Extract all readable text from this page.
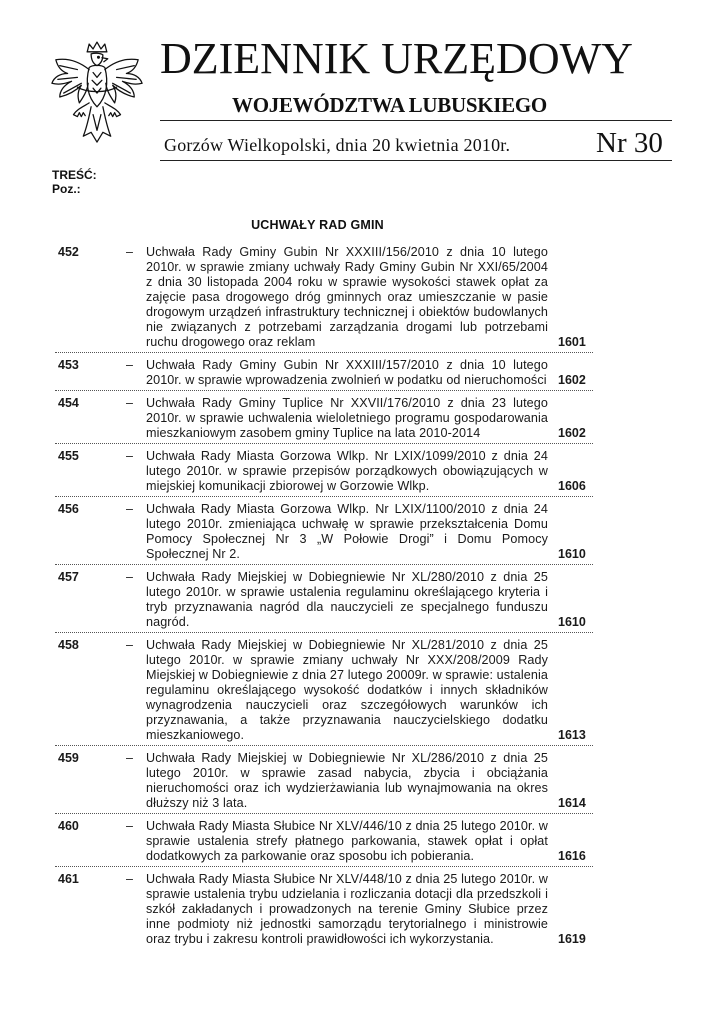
DZIENNIK URZĘDOWY
WOJEWÓDZTWA LUBUSKIEGO
Gorzów Wielkopolski, dnia 20 kwietnia 2010r.	Nr 30
TREŚĆ:
Poz.:
UCHWAŁY RAD GMIN
452	– Uchwała Rady Gminy Gubin Nr XXXIII/156/2010 z dnia 10 lutego 2010r. w sprawie zmiany uchwały Rady Gminy Gubin Nr XXI/65/2004 z dnia 30 listopada 2004 roku w sprawie wysokości stawek opłat za zajęcie pasa drogowego dróg gminnych oraz umieszczanie w pasie drogowym urządzeń infrastruktury technicznej i obiektów budowlanych nie związanych z potrzebami zarządzania drogami lub potrzebami ruchu drogowego oraz reklam	1601
453	– Uchwała Rady Gminy Gubin Nr XXXIII/157/2010 z dnia 10 lutego 2010r. w sprawie wprowadzenia zwolnień w podatku od nieruchomości 1602
454	– Uchwała Rady Gminy Tuplice Nr XXVII/176/2010 z dnia 23 lutego 2010r. w sprawie uchwalenia wieloletniego programu gospodarowania mieszkaniowym zasobem gminy Tuplice na lata 2010-2014	1602
455	– Uchwała Rady Miasta Gorzowa Wlkp. Nr LXIX/1099/2010 z dnia 24 lutego 2010r. w sprawie przepisów porządkowych obowiązujących w miejskiej komunikacji zbiorowej w Gorzowie Wlkp.	1606
456	– Uchwała Rady Miasta Gorzowa Wlkp. Nr LXIX/1100/2010 z dnia 24 lutego 2010r. zmieniająca uchwałę w sprawie przekształcenia Domu Pomocy Społecznej Nr 3 „W Połowie Drogi” i Domu Pomocy Społecznej Nr 2.	1610
457	– Uchwała Rady Miejskiej w Dobiegniewie Nr XL/280/2010 z dnia 25 lutego 2010r. w sprawie ustalenia regulaminu określającego kryteria i tryb przyznawania nagród dla nauczycieli ze specjalnego funduszu nagród.	1610
458	– Uchwała Rady Miejskiej w Dobiegniewie Nr XL/281/2010 z dnia 25 lutego 2010r. w sprawie zmiany uchwały Nr XXX/208/2009 Rady Miejskiej w Dobiegniewie z dnia 27 lutego 20009r. w sprawie: ustalenia regulaminu określającego wysokość dodatków i innych składników wynagrodzenia nauczycieli oraz szczegółowych warunków ich przyznawania, a także przyznawania nauczycielskiego dodatku mieszkaniowego.	1613
459	– Uchwała Rady Miejskiej w Dobiegniewie Nr XL/286/2010 z dnia 25 lutego 2010r. w sprawie zasad nabycia, zbycia i obciążania nieruchomości oraz ich wydzierżawiania lub wynajmowania na okres dłuższy niż 3 lata.	1614
460	– Uchwała Rady Miasta Słubice Nr XLV/446/10 z dnia 25 lutego 2010r. w sprawie ustalenia strefy płatnego parkowania, stawek opłat i opłat dodatkowych za parkowanie oraz sposobu ich pobierania.	1616
461	– Uchwała Rady Miasta Słubice Nr XLV/448/10 z dnia 25 lutego 2010r. w sprawie ustalenia trybu udzielania i rozliczania dotacji dla przedszkoli i szkół zakładanych i prowadzonych na terenie Gminy Słubice przez inne podmioty niż jednostki samorządu terytorialnego i ministrowie oraz trybu i zakresu kontroli prawidłowości ich wykorzystania.	1619
